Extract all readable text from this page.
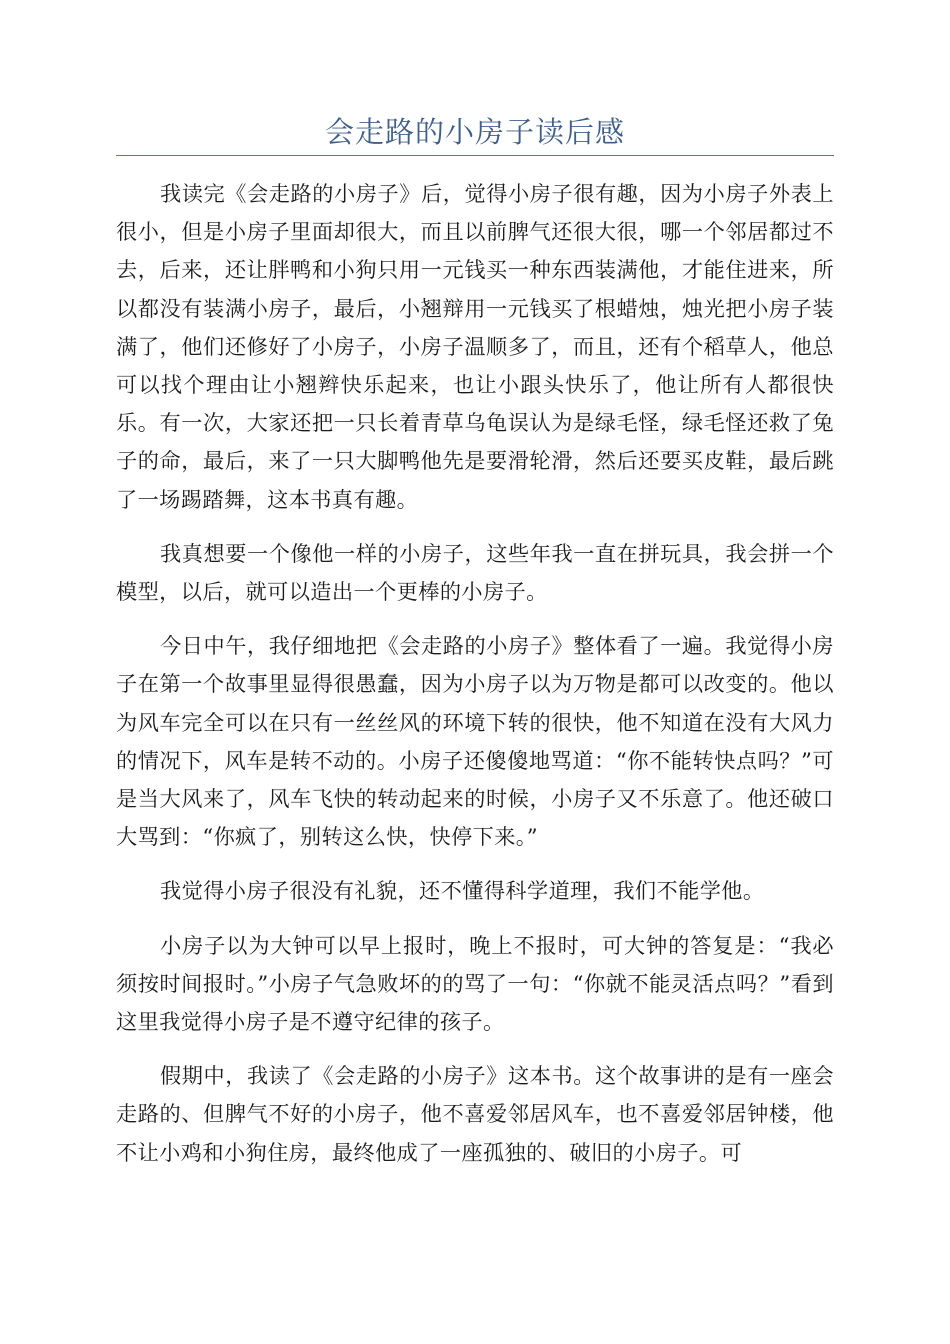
会走路的小房子读后感

我读完《会走路的小房子》后，觉得小房子很有趣，因为小房子外表上很小，但是小房子里面却很大，而且以前脾气还很大很，哪一个邻居都过不去，后来，还让胖鸭和小狗只用一元钱买一种东西装满他，才能住进来，所以都没有装满小房子，最后，小翘辩用一元钱买了根蜡烛，烛光把小房子装满了，他们还修好了小房子，小房子温顺多了，而且，还有个稻草人，他总可以找个理由让小翘辫快乐起来，也让小跟头快乐了，他让所有人都很快乐。有一次，大家还把一只长着青草乌龟误认为是绿毛怪，绿毛怪还救了兔子的命，最后，来了一只大脚鸭他先是要滑轮滑，然后还要买皮鞋，最后跳了一场踢踏舞，这本书真有趣。

我真想要一个像他一样的小房子，这些年我一直在拼玩具，我会拼一个模型，以后，就可以造出一个更棒的小房子。

今日中午，我仔细地把《会走路的小房子》整体看了一遍。我觉得小房子在第一个故事里显得很愚蠢，因为小房子以为万物是都可以改变的。他以为风车完全可以在只有一丝丝风的环境下转的很快，他不知道在没有大风力的情况下，风车是转不动的。小房子还傻傻地骂道：“你不能转快点吗？”可是当大风来了，风车飞快的转动起来的时候，小房子又不乐意了。他还破口大骂到：“你疯了，别转这么快，快停下来。”

我觉得小房子很没有礼貌，还不懂得科学道理，我们不能学他。

小房子以为大钟可以早上报时，晚上不报时，可大钟的答复是：“我必须按时间报时。”小房子气急败坏的的骂了一句：“你就不能灵活点吗？”看到这里我觉得小房子是不遵守纪律的孩子。

假期中，我读了《会走路的小房子》这本书。这个故事讲的是有一座会走路的、但脾气不好的小房子，他不喜爱邻居风车，也不喜爱邻居钟楼，他不让小鸡和小狗住房，最终他成了一座孤独的、破旧的小房子。可
